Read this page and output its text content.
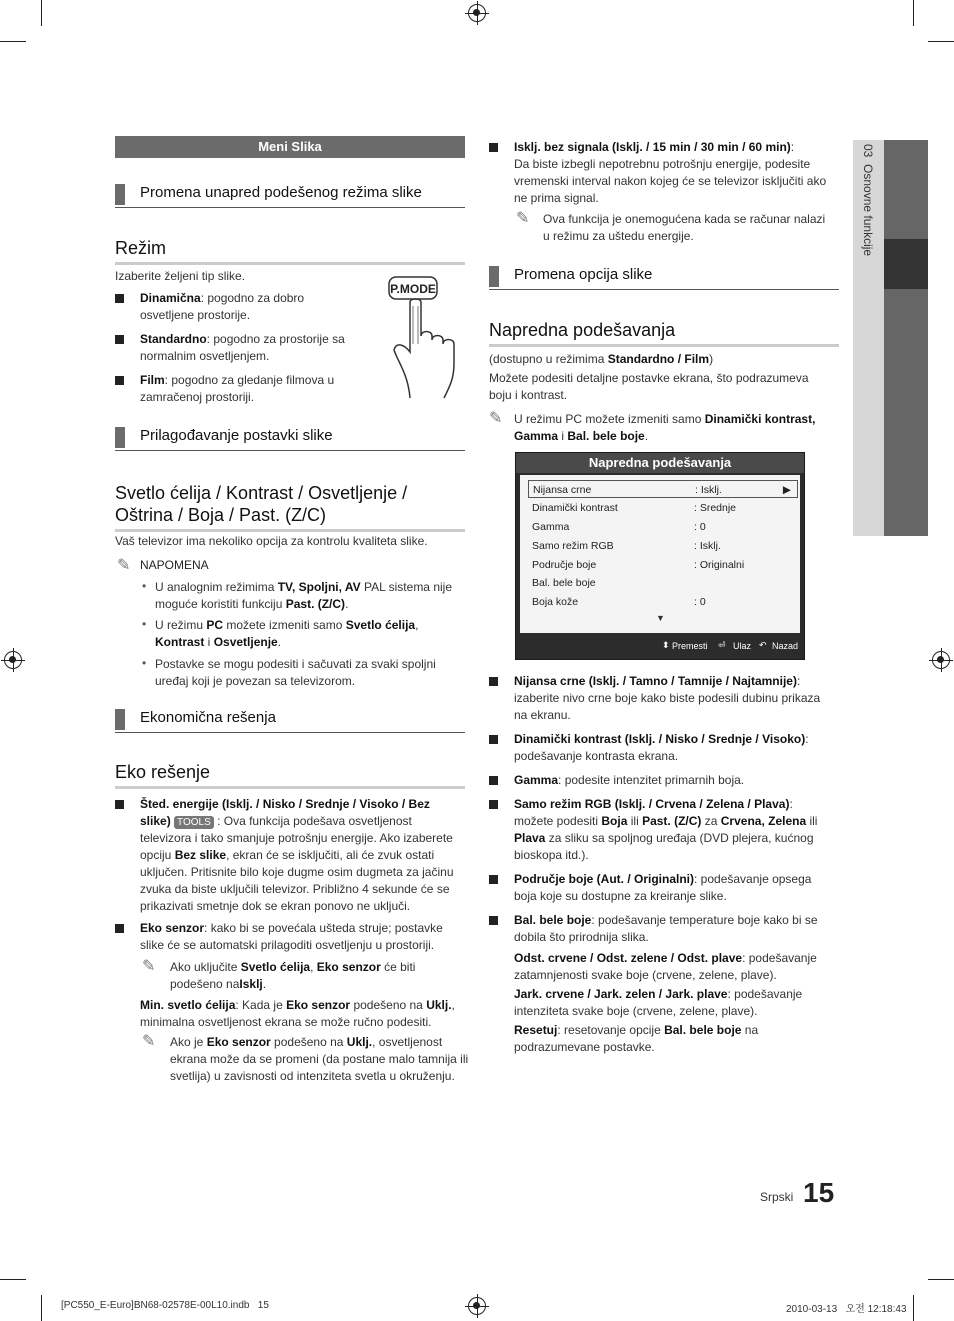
Meni Slika
Promena unapred podešenog režima slike
Režim
Izaberite željeni tip slike.
Dinamična: pogodno za dobro
osvetljene prostorije.
Standardno: pogodno za prostorije sa
normalnim osvetljenjem.
Film: pogodno za gledanje filmova u
zamračenoj prostoriji.
P.MODE
Prilagođavanje postavki slike
Svetlo ćelija / Kontrast / Osvetljenje /
Oštrina / Boja / Past. (Z/C)
Vaš televizor ima nekoliko opcija za kontrolu kvaliteta slike.
✎ NAPOMENA
• U analognim režimima TV, Spoljni, AV PAL sistema nije
moguće koristiti funkciju Past. (Z/C).
• U režimu PC možete izmeniti samo Svetlo ćelija,
Kontrast i Osvetljenje.
• Postavke se mogu podesiti i sačuvati za svaki spoljni
uređaj koji je povezan sa televizorom.
Ekonomična rešenja
Eko rešenje
Šted. energije (Isklj. / Nisko / Srednje / Visoko / Bez
slike) TOOLS : Ova funkcija podešava osvetljenost
televizora i tako smanjuje potrošnju energije. Ako izaberete
opciju Bez slike, ekran će se isključiti, ali će zvuk ostati
uključen. Pritisnite bilo koje dugme osim dugmeta za jačinu
zvuka da biste uključili televizor. Približno 4 sekunde će se
prikazivati smetnje dok se ekran ponovo ne uključi.
Eko senzor: kako bi se povećala ušteda struje; postavke
slike će se automatski prilagoditi osvetljenju u prostoriji.
✎ Ako uključite Svetlo ćelija, Eko senzor će biti
podešeno naIsklj.
Min. svetlo ćelija: Kada je Eko senzor podešeno na Uklj.,
minimalna osvetljenost ekrana se može ručno podesiti.
✎ Ako je Eko senzor podešeno na Uklj., osvetljenost
ekrana može da se promeni (da postane malo tamnija ili
svetlija) u zavisnosti od intenziteta svetla u okruženju.
Isklj. bez signala (Isklj. / 15 min / 30 min / 60 min):
Da biste izbegli nepotrebnu potrošnju energije, podesite
vremenski interval nakon kojeg će se televizor isključiti ako
ne prima signal.
✎ Ova funkcija je onemogućena kada se računar nalazi
u režimu za uštedu energije.
Promena opcija slike
Napredna podešavanja
(dostupno u režimima Standardno / Film)
Možete podesiti detaljne postavke ekrana, što podrazumeva
boju i kontrast.
✎ U režimu PC možete izmeniti samo Dinamički kontrast,
Gamma i Bal. bele boje.
Napredna podešavanja
Nijansa crne	: Isklj.	▶
Dinamički kontrast	: Srednje
Gamma	: 0
Samo režim RGB	: Isklj.
Područje boje	: Originalni
Bal. bele boje
Boja kože	: 0
▼
⬍ Premesti ⏎ Ulaz ↶ Nazad
Nijansa crne (Isklj. / Tamno / Tamnije / Najtamnije):
izaberite nivo crne boje kako biste podesili dubinu prikaza
na ekranu.
Dinamički kontrast (Isklj. / Nisko / Srednje / Visoko):
podešavanje kontrasta ekrana.
Gamma: podesite intenzitet primarnih boja.
Samo režim RGB (Isklj. / Crvena / Zelena / Plava):
možete podesiti Boja ili Past. (Z/C) za Crvena, Zelena ili
Plava za sliku sa spoljnog uređaja (DVD plejera, kućnog
bioskopa itd.).
Područje boje (Aut. / Originalni): podešavanje opsega
boja koje su dostupne za kreiranje slike.
Bal. bele boje: podešavanje temperature boje kako bi se
dobila što prirodnija slika.
Odst. crvene / Odst. zelene / Odst. plave: podešavanje
zatamnjenosti svake boje (crvene, zelene, plave).
Jark. crvene / Jark. zelen / Jark. plave: podešavanje
intenziteta svake boje (crvene, zelene, plave).
Resetuj: resetovanje opcije Bal. bele boje na
podrazumevane postavke.
03  Osnovne funkcije
Srpski 15
[PC550_E-Euro]BN68-02578E-00L10.indb   15	2010-03-13   오전 12:18:43
